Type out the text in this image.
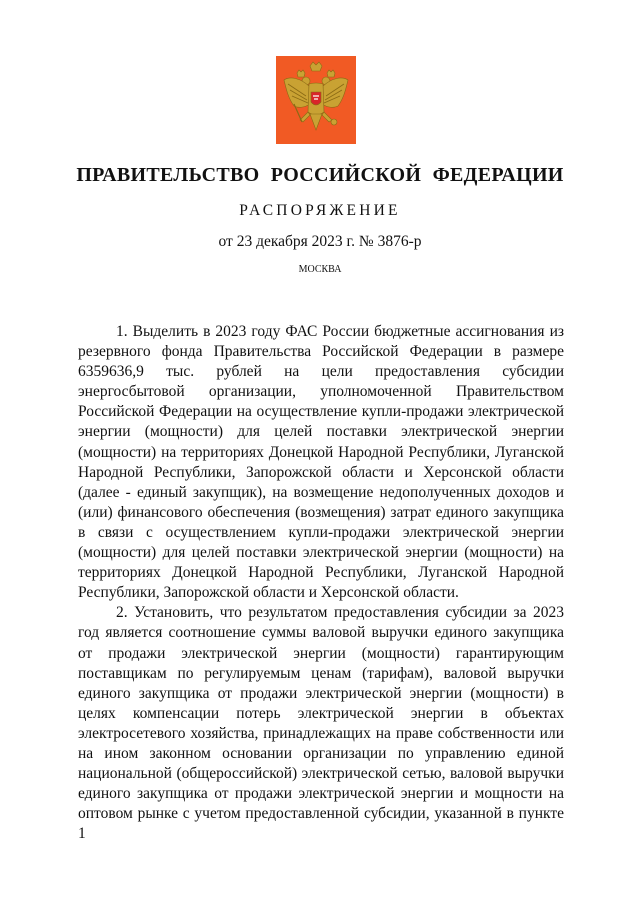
ПРАВИТЕЛЬСТВО РОССИЙСКОЙ ФЕДЕРАЦИИ
РАСПОРЯЖЕНИЕ
от 23 декабря 2023 г. № 3876-р
МОСКВА

1. Выделить в 2023 году ФАС России бюджетные ассигнования из резервного фонда Правительства Российской Федерации в размере 6359636,9 тыс. рублей на цели предоставления субсидии энергосбытовой организации, уполномоченной Правительством Российской Федерации на осуществление купли-продажи электрической энергии (мощности) для целей поставки электрической энергии (мощности) на территориях Донецкой Народной Республики, Луганской Народной Республики, Запорожской области и Херсонской области (далее - единый закупщик), на возмещение недополученных доходов и (или) финансового обеспечения (возмещения) затрат единого закупщика в связи с осуществлением купли-продажи электрической энергии (мощности) для целей поставки электрической энергии (мощности) на территориях Донецкой Народной Республики, Луганской Народной Республики, Запорожской области и Херсонской области.

2. Установить, что результатом предоставления субсидии за 2023 год является соотношение суммы валовой выручки единого закупщика от продажи электрической энергии (мощности) гарантирующим поставщикам по регулируемым ценам (тарифам), валовой выручки единого закупщика от продажи электрической энергии (мощности) в целях компенсации потерь электрической энергии в объектах электросетевого хозяйства, принадлежащих на праве собственности или на ином законном основании организации по управлению единой национальной (общероссийской) электрической сетью, валовой выручки единого закупщика от продажи электрической энергии и мощности на оптовом рынке с учетом предоставленной субсидии, указанной в пункте 1
